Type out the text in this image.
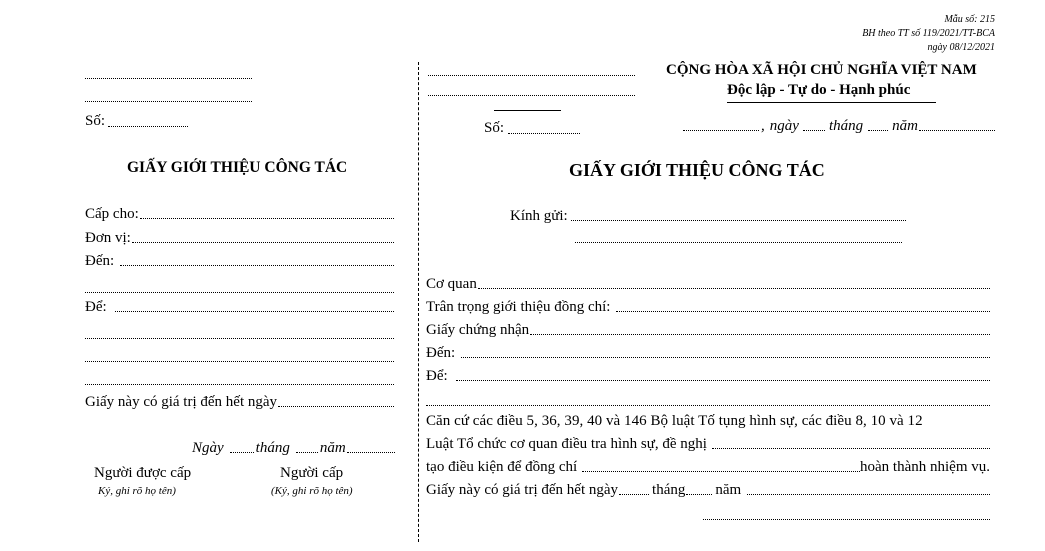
Mẫu số: 215
BH theo TT số 119/2021/TT-BCA
ngày 08/12/2021
Số:
GIẤY GIỚI THIỆU CÔNG TÁC
Cấp cho:
Đơn vị:
Đến:
Để:
Giấy này có giá trị đến hết ngày
Ngày tháng năm
Người được cấp
Ký, ghi rõ họ tên)
Người cấp
(Ký, ghi rõ họ tên)
CỘNG HÒA XÃ HỘI CHỦ NGHĨA VIỆT NAM
Độc lập - Tự do - Hạnh phúc
Số:	, ngày tháng năm
GIẤY GIỚI THIỆU CÔNG TÁC
Kính gửi:
Cơ quan
Trân trọng giới thiệu đồng chí:
Giấy chứng nhận
Đến:
Để:
Căn cứ các điều 5, 36, 39, 40 và 146 Bộ luật Tố tụng hình sự, các điều 8, 10 và 12
Luật Tổ chức cơ quan điều tra hình sự, đề nghị
tạo điều kiện để đồng chí	hoàn thành nhiệm vụ.
Giấy này có giá trị đến hết ngày tháng năm
